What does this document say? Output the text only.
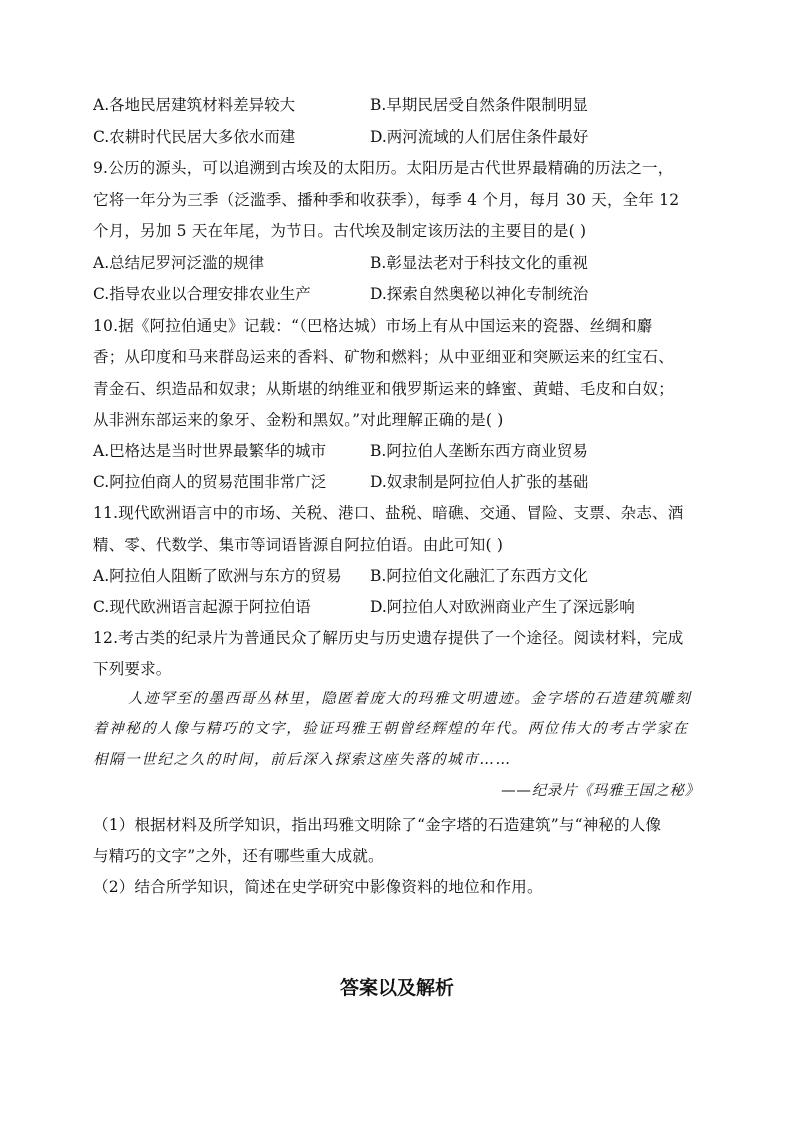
A.各地民居建筑材料差异较大	B.早期民居受自然条件限制明显
C.农耕时代民居大多依水而建	D.两河流域的人们居住条件最好
9.公历的源头，可以追溯到古埃及的太阳历。太阳历是古代世界最精确的历法之一，
它将一年分为三季（泛滥季、播种季和收获季），每季 4 个月，每月 30 天，全年 12
个月，另加 5 天在年尾，为节日。古代埃及制定该历法的主要目的是( )
A.总结尼罗河泛滥的规律	B.彰显法老对于科技文化的重视
C.指导农业以合理安排农业生产	D.探索自然奥秘以神化专制统治
10.据《阿拉伯通史》记载：“（巴格达城）市场上有从中国运来的瓷器、丝绸和麝
香；从印度和马来群岛运来的香料、矿物和燃料；从中亚细亚和突厥运来的红宝石、
青金石、织造品和奴隶；从斯堪的纳维亚和俄罗斯运来的蜂蜜、黄蜡、毛皮和白奴；
从非洲东部运来的象牙、金粉和黑奴。”对此理解正确的是( )
A.巴格达是当时世界最繁华的城市	B.阿拉伯人垄断东西方商业贸易
C.阿拉伯商人的贸易范围非常广泛	D.奴隶制是阿拉伯人扩张的基础
11.现代欧洲语言中的市场、关税、港口、盐税、暗礁、交通、冒险、支票、杂志、酒
精、零、代数学、集市等词语皆源自阿拉伯语。由此可知( )
A.阿拉伯人阻断了欧洲与东方的贸易 B.阿拉伯文化融汇了东西方文化
C.现代欧洲语言起源于阿拉伯语	D.阿拉伯人对欧洲商业产生了深远影响
12.考古类的纪录片为普通民众了解历史与历史遗存提供了一个途径。阅读材料，完成
下列要求。
人迹罕至的墨西哥丛林里，隐匿着庞大的玛雅文明遗迹。金字塔的石造建筑雕刻
着神秘的人像与精巧的文字，验证玛雅王朝曾经辉煌的年代。两位伟大的考古学家在
相隔一世纪之久的时间，前后深入探索这座失落的城市……
——纪录片《玛雅王国之秘》
（1）根据材料及所学知识，指出玛雅文明除了“金字塔的石造建筑”与“神秘的人像
与精巧的文字”之外，还有哪些重大成就。
（2）结合所学知识，简述在史学研究中影像资料的地位和作用。
答案以及解析
